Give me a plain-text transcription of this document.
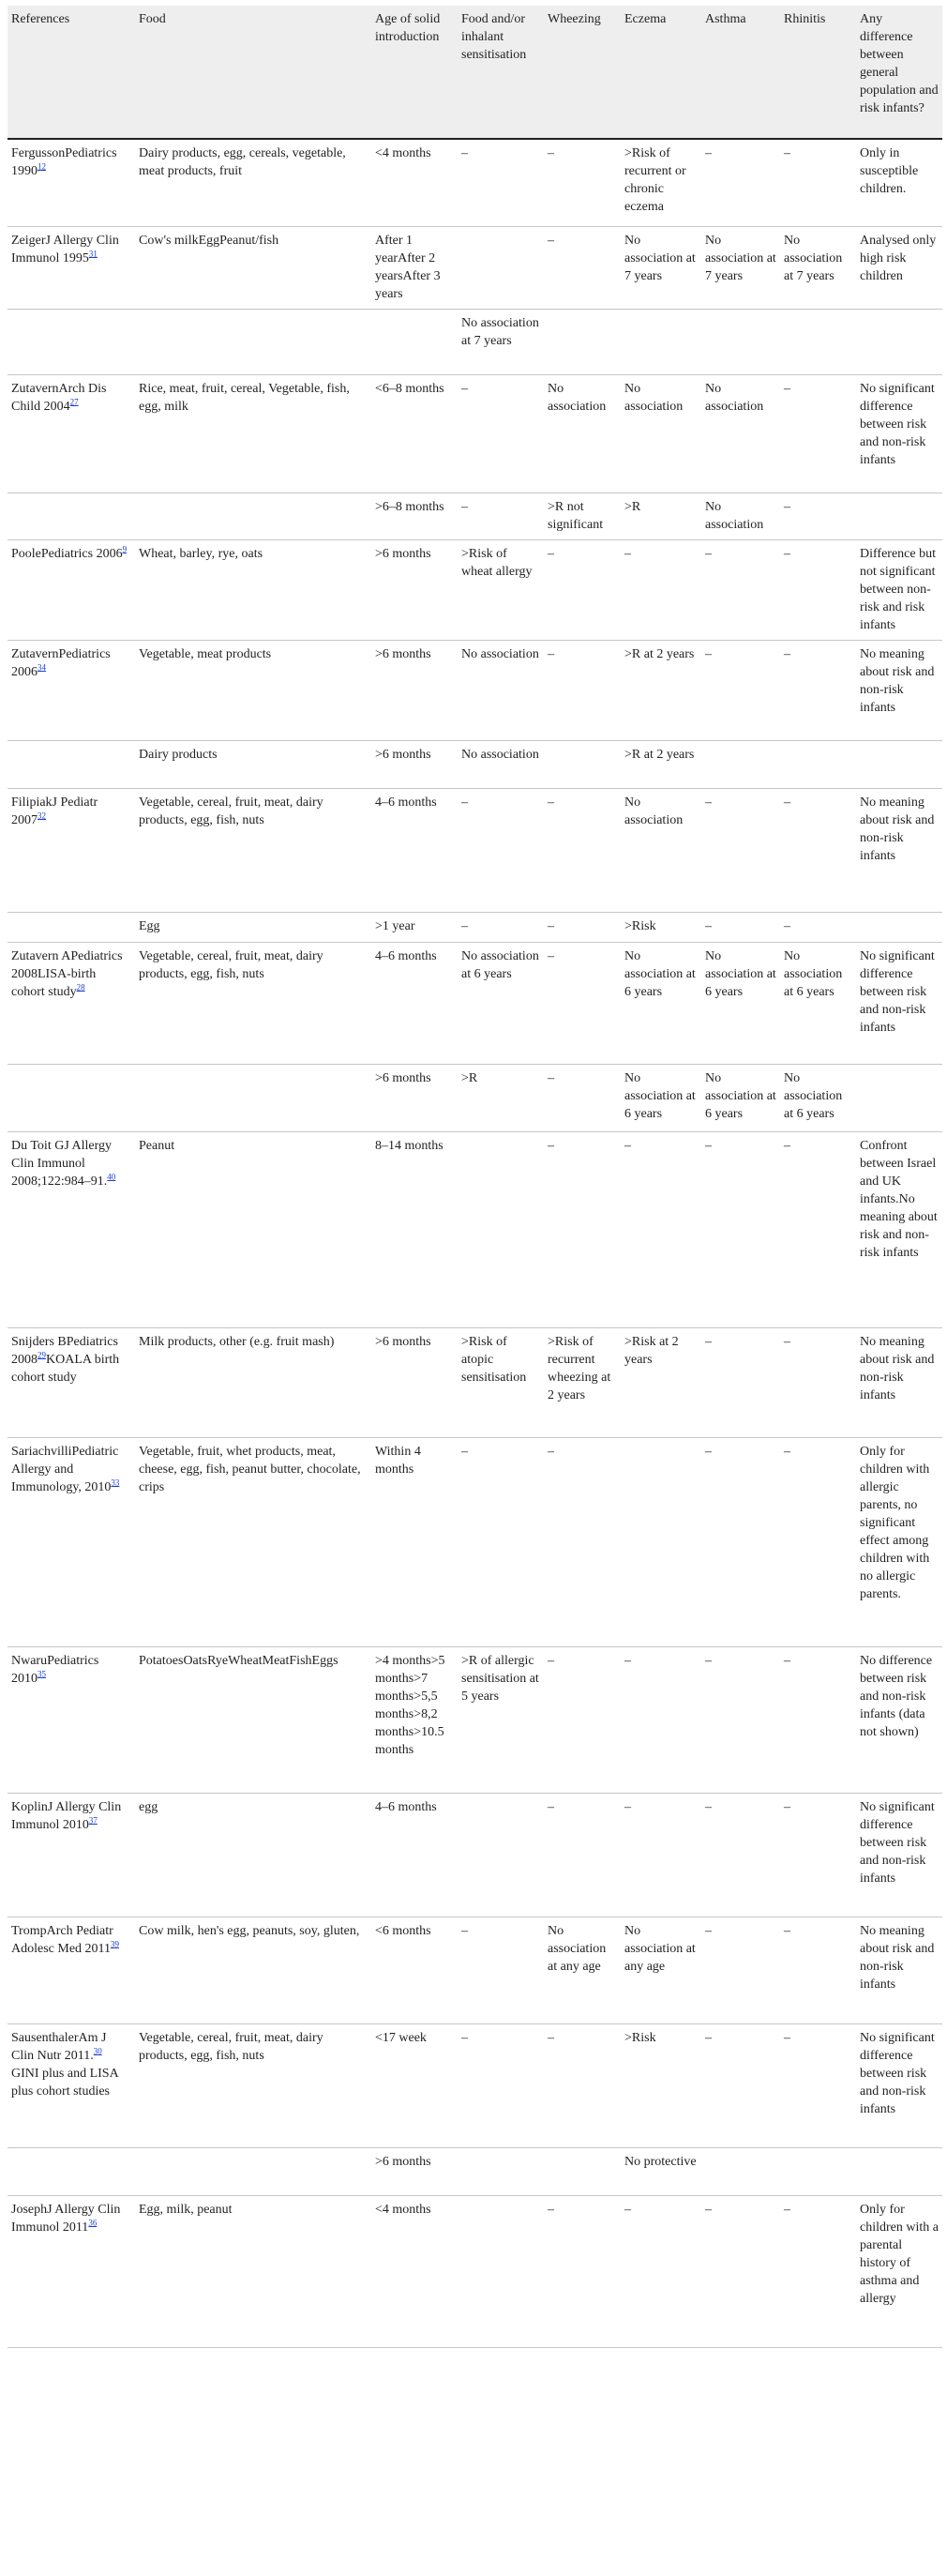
References	Food	Age of solid introduction	Food and/or inhalant sensitisation	Wheezing	Eczema	Asthma	Rhinitis	Any difference between general population and risk infants?
FergussonPediatrics 1990$^{12}$	Dairy products, egg, cereals, vegetable, meat products, fruit	<4 months	–	–	>Risk of recurrent or chronic eczema	–	–	Only in susceptible children.
ZeigerJ Allergy Clin Immunol 1995$^{31}$	Cow's milkEggPeanut/fish	After 1 yearAfter 2 yearsAfter 3 years		–	No association at 7 years	No association at 7 years	No association at 7 years	Analysed only high risk children
			No association at 7 years					
ZutavernArch Dis Child 2004$^{27}$	Rice, meat, fruit, cereal, Vegetable, fish, egg, milk	<6–8 months	–	No association	No association	No association	–	No significant difference between risk and non-risk infants
		>6–8 months	–	>R not significant	>R	No association	–	
PoolePediatrics 2006$^9$	Wheat, barley, rye, oats	>6 months	>Risk of wheat allergy	–	–	–	–	Difference but not significant between non-risk and risk infants
ZutavernPediatrics 2006$^{34}$	Vegetable, meat products	>6 months	No association	–	>R at 2 years	–	–	No meaning about risk and non-risk infants
	Dairy products	>6 months	No association		>R at 2 years			
FilipiakJ Pediatr 2007$^{32}$	Vegetable, cereal, fruit, meat, dairy products, egg, fish, nuts	4–6 months	–	–	No association	–	–	No meaning about risk and non-risk infants
	Egg	>1 year	–	–	>Risk	–	–	
Zutavern APediatrics 2008LISA-birth cohort study$^{28}$	Vegetable, cereal, fruit, meat, dairy products, egg, fish, nuts	4–6 months	No association at 6 years	–	No association at 6 years	No association at 6 years	No association at 6 years	No significant difference between risk and non-risk infants
		>6 months	>R	–	No association at 6 years	No association at 6 years	No association at 6 years	
Du Toit GJ Allergy Clin Immunol 2008;122:984–91.40	Peanut	8–14 months		–	–	–	–	Confront between Israel and UK infants.No meaning about risk and non-risk infants
Snijders BPediatrics 2008$^{29}$KOALA birth cohort study	Milk products, other (e.g. fruit mash)	>6 months	>Risk of atopic sensitisation	>Risk of recurrent wheezing at 2 years	>Risk at 2 years	–	–	No meaning about risk and non-risk infants
SariachvilliPediatric Allergy and Immunology, 2010$^{33}$	Vegetable, fruit, whet products, meat, cheese, egg, fish, peanut butter, chocolate, crips	Within 4 months	–	–		–	–	Only for children with allergic parents, no significant effect among children with no allergic parents.
NwaruPediatrics 2010$^{35}$	PotatoesOatsRyeWheatMeatFishEggs	>4 months>5 months>7 months>5,5 months>8,2 months>10.5 months	>R of allergic sensitisation at 5 years	–	–	–	–	No difference between risk and non-risk infants (data not shown)
KoplinJ Allergy Clin Immunol 2010$^{37}$	egg	4–6 months		–	–	–	–	No significant difference between risk and non-risk infants
TrompArch Pediatr Adolesc Med 2011$^{39}$	Cow milk, hen's egg, peanuts, soy, gluten,	<6 months	–	No association at any age	No association at any age	–	–	No meaning about risk and non-risk infants
SausenthalerAm J Clin Nutr 2011.30 GINI plus and LISA plus cohort studies	Vegetable, cereal, fruit, meat, dairy products, egg, fish, nuts	<17 week	–	–	>Risk	–	–	No significant difference between risk and non-risk infants
		>6 months			No protective			
JosephJ Allergy Clin Immunol 2011$^{36}$	Egg, milk, peanut	<4 months		–	–	–	–	Only for children with a parental history of asthma and allergy
